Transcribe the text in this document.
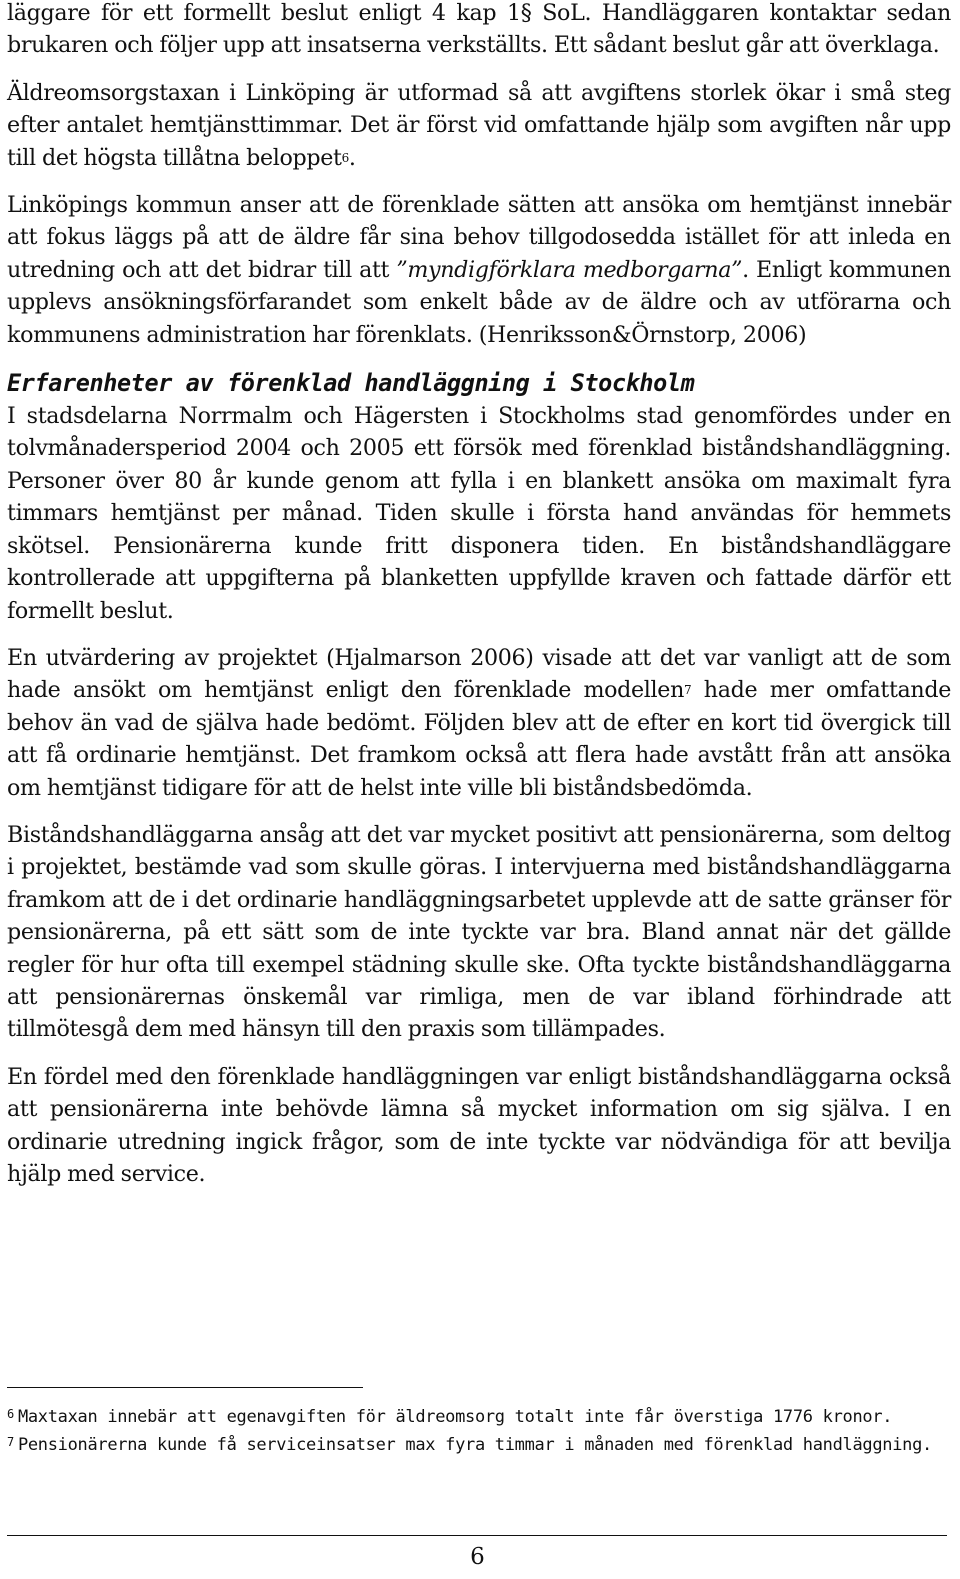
läggare för ett formellt beslut enligt 4 kap 1§ SoL. Handläggaren kontaktar sedan brukaren och följer upp att insatserna verkställts. Ett sådant beslut går att överklaga.

Äldreomsorgstaxan i Linköping är utformad så att avgiftens storlek ökar i små steg efter antalet hemtjänsttimmar. Det är först vid omfattande hjälp som avgiften når upp till det högsta tillåtna beloppet$^6$.

Linköpings kommun anser att de förenklade sätten att ansöka om hemtjänst innebär att fokus läggs på att de äldre får sina behov tillgodosedda istället för att inleda en utredning och att det bidrar till att ”myndigförklara medborgarna”. Enligt kommunen upplevs ansökningsförfarandet som enkelt både av de äldre och av utförarna och kommunens administration har förenklats. (Henriksson&Örnstorp, 2006)

Erfarenheter av förenklad handläggning i Stockholm

I stadsdelarna Norrmalm och Hägersten i Stockholms stad genomfördes under en tolvmånadersperiod 2004 och 2005 ett försök med förenklad biståndshandläggning. Personer över 80 år kunde genom att fylla i en blankett ansöka om maximalt fyra timmars hemtjänst per månad. Tiden skulle i första hand användas för hemmets skötsel. Pensionärerna kunde fritt disponera tiden. En biståndshandläggare kontrollerade att uppgifterna på blanketten uppfyllde kraven och fattade därför ett formellt beslut.

En utvärdering av projektet (Hjalmarson 2006) visade att det var vanligt att de som hade ansökt om hemtjänst enligt den förenklade modellen$^7$ hade mer omfattande behov än vad de själva hade bedömt. Följden blev att de efter en kort tid övergick till att få ordinarie hemtjänst. Det framkom också att flera hade avstått från att ansöka om hemtjänst tidigare för att de helst inte ville bli biståndsbedömda.

Biståndshandläggarna ansåg att det var mycket positivt att pensionärerna, som deltog i projektet, bestämde vad som skulle göras. I intervjuerna med biståndshandläggarna framkom att de i det ordinarie handläggningsarbetet upplevde att de satte gränser för pensionärerna, på ett sätt som de inte tyckte var bra. Bland annat när det gällde regler för hur ofta till exempel städning skulle ske. Ofta tyckte biståndshandläggarna att pensionärernas önskemål var rimliga, men de var ibland förhindrade att tillmötesgå dem med hänsyn till den praxis som tillämpades.

En fördel med den förenklade handläggningen var enligt biståndshandläggarna också att pensionärerna inte behövde lämna så mycket information om sig själva. I en ordinarie utredning ingick frågor, som de inte tyckte var nödvändiga för att bevilja hjälp med service.

$^6$ Maxtaxan innebär att egenavgiften för äldreomsorg totalt inte får överstiga 1776 kronor.

$^7$ Pensionärerna kunde få serviceinsatser max fyra timmar i månaden med förenklad handläggning.

6
